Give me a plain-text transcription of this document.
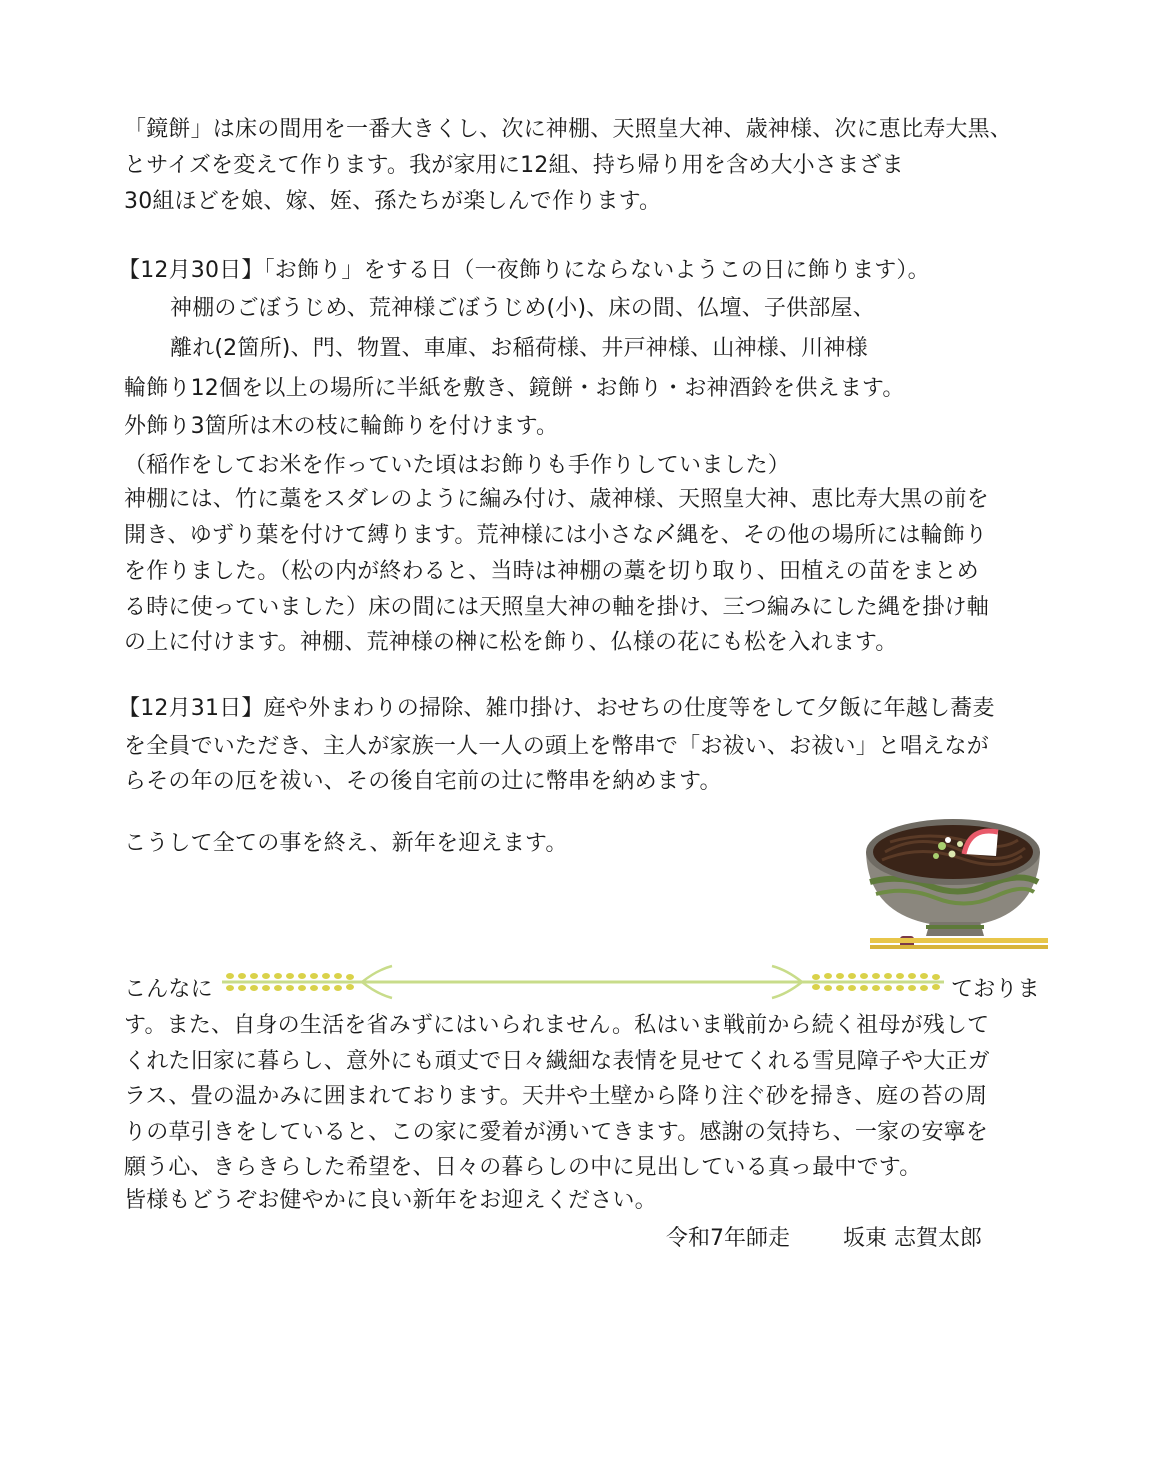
「鏡餅」は床の間用を一番大きくし、次に神棚、天照皇大神、歳神様、次に恵比寿大黒、
とサイズを変えて作ります。我が家用に12組、持ち帰り用を含め大小さまざま
30組ほどを娘、嫁、姪、孫たちが楽しんで作ります。
【12月30日】「お飾り」をする日（一夜飾りにならないようこの日に飾ります）。
神棚のごぼうじめ、荒神様ごぼうじめ(小)、床の間、仏壇、子供部屋、
離れ(2箇所)、門、物置、車庫、お稲荷様、井戸神様、山神様、川神様
輪飾り12個を以上の場所に半紙を敷き、鏡餅・お飾り・お神酒鈴を供えます。
外飾り3箇所は木の枝に輪飾りを付けます。
（稲作をしてお米を作っていた頃はお飾りも手作りしていました）
神棚には、竹に藁をスダレのように編み付け、歳神様、天照皇大神、恵比寿大黒の前を
開き、ゆずり葉を付けて縛ります。荒神様には小さな〆縄を、その他の場所には輪飾り
を作りました。（松の内が終わると、当時は神棚の藁を切り取り、田植えの苗をまとめ
る時に使っていました）床の間には天照皇大神の軸を掛け、三つ編みにした縄を掛け軸
の上に付けます。神棚、荒神様の榊に松を飾り、仏様の花にも松を入れます。
【12月31日】庭や外まわりの掃除、雑巾掛け、おせちの仕度等をして夕飯に年越し蕎麦
を全員でいただき、主人が家族一人一人の頭上を幣串で「お祓い、お祓い」と唱えなが
らその年の厄を祓い、その後自宅前の辻に幣串を納めます。
こうして全ての事を終え、新年を迎えます。
こんなに	ておりま
す。また、自身の生活を省みずにはいられません。私はいま戦前から続く祖母が残して
くれた旧家に暮らし、意外にも頑丈で日々繊細な表情を見せてくれる雪見障子や大正ガ
ラス、畳の温かみに囲まれております。天井や土壁から降り注ぐ砂を掃き、庭の苔の周
りの草引きをしていると、この家に愛着が湧いてきます。感謝の気持ち、一家の安寧を
願う心、きらきらした希望を、日々の暮らしの中に見出している真っ最中です。
皆様もどうぞお健やかに良い新年をお迎えください。
令和7年師走 坂東 志賀太郎
